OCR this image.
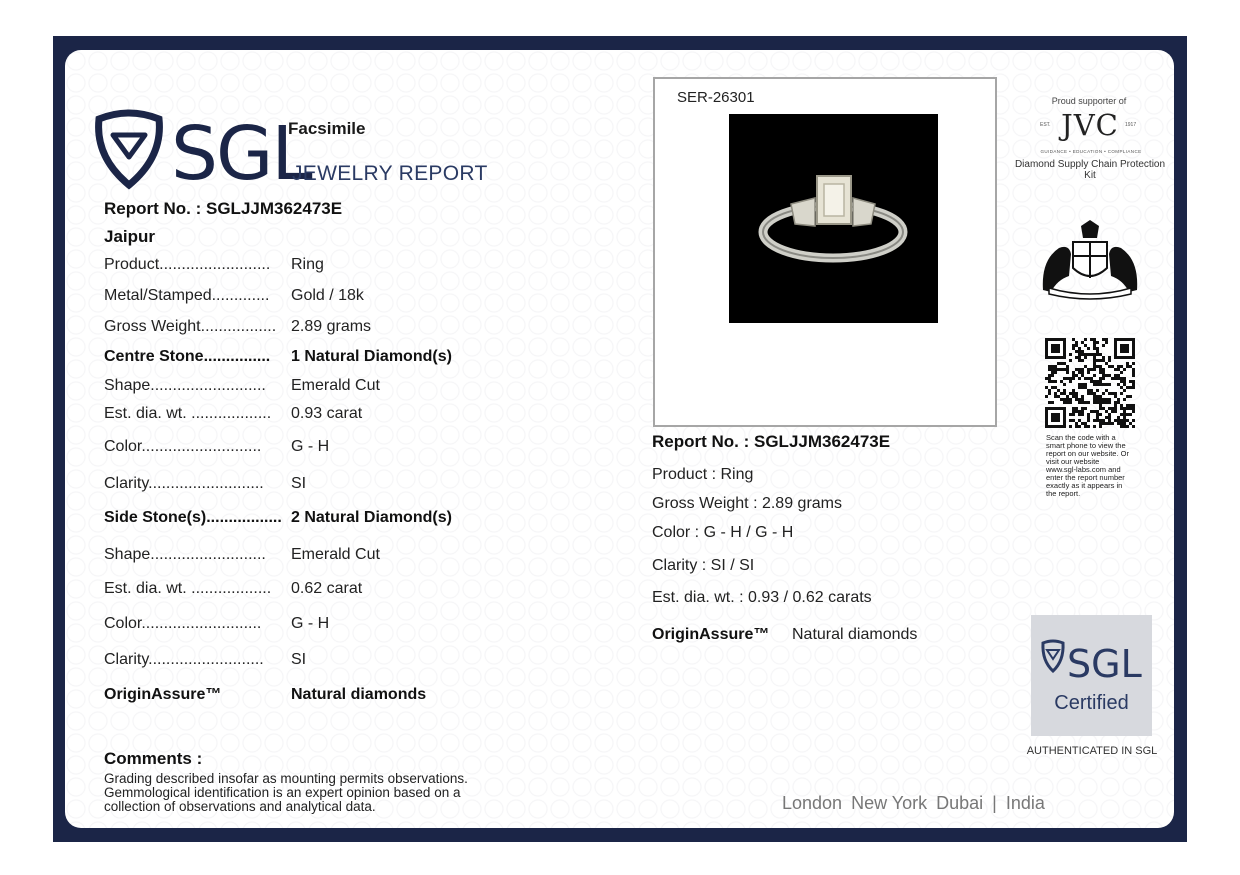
SGL
Facsimile
JEWELRY REPORT
Report No. : SGLJJM362473E
Jaipur
Product......................... Ring
Metal/Stamped............. Gold / 18k
Gross Weight................. 2.89 grams
Centre Stone............... 1 Natural Diamond(s)
Shape.......................... Emerald Cut
Est. dia. wt. .................. 0.93 carat
Color........................... G - H
Clarity.......................... SI
Side Stone(s)................. 2 Natural Diamond(s)
Shape.......................... Emerald Cut
Est. dia. wt. .................. 0.62 carat
Color........................... G - H
Clarity.......................... SI
OriginAssure™	Natural diamonds
Comments :
Grading described insofar as mounting permits observations. Gemmological identification is an expert opinion based on a collection of observations and analytical data.
SER-26301
Report No. : SGLJJM362473E
Product : Ring
Gross Weight : 2.89 grams
Color : G - H / G - H
Clarity : SI / SI
Est. dia. wt. : 0.93 / 0.62 carats
OriginAssure™ Natural diamonds
Proud supporter of
JVC
EST.	1917
GUIDANCE • EDUCATION • COMPLIANCE
Diamond Supply Chain Protection Kit
Scan the code with a smart phone to view the report on our website. Or visit our website www.sgl-labs.com and enter the report number exactly as it appears in the report.
SGL
Certified
AUTHENTICATED IN SGL
London New York Dubai | India
